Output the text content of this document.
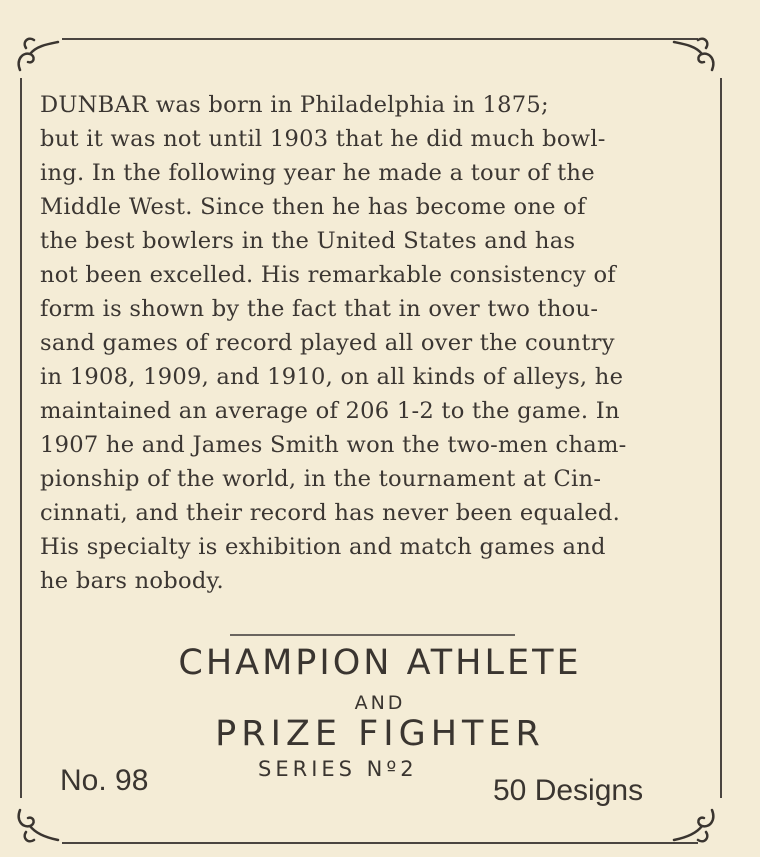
DUNBAR was born in Philadelphia in 1875;
but it was not until 1903 that he did much bowl-
ing. In the following year he made a tour of the
Middle West. Since then he has become one of
the best bowlers in the United States and has
not been excelled. His remarkable consistency of
form is shown by the fact that in over two thou-
sand games of record played all over the country
in 1908, 1909, and 1910, on all kinds of alleys, he
maintained an average of 206 1-2 to the game. In
1907 he and James Smith won the two-men cham-
pionship of the world, in the tournament at Cin-
cinnati, and their record has never been equaled.
His specialty is exhibition and match games and
he bars nobody.
CHAMPION ATHLETE
AND
PRIZE FIGHTER
SERIES Nº2
No. 98	50 Designs
